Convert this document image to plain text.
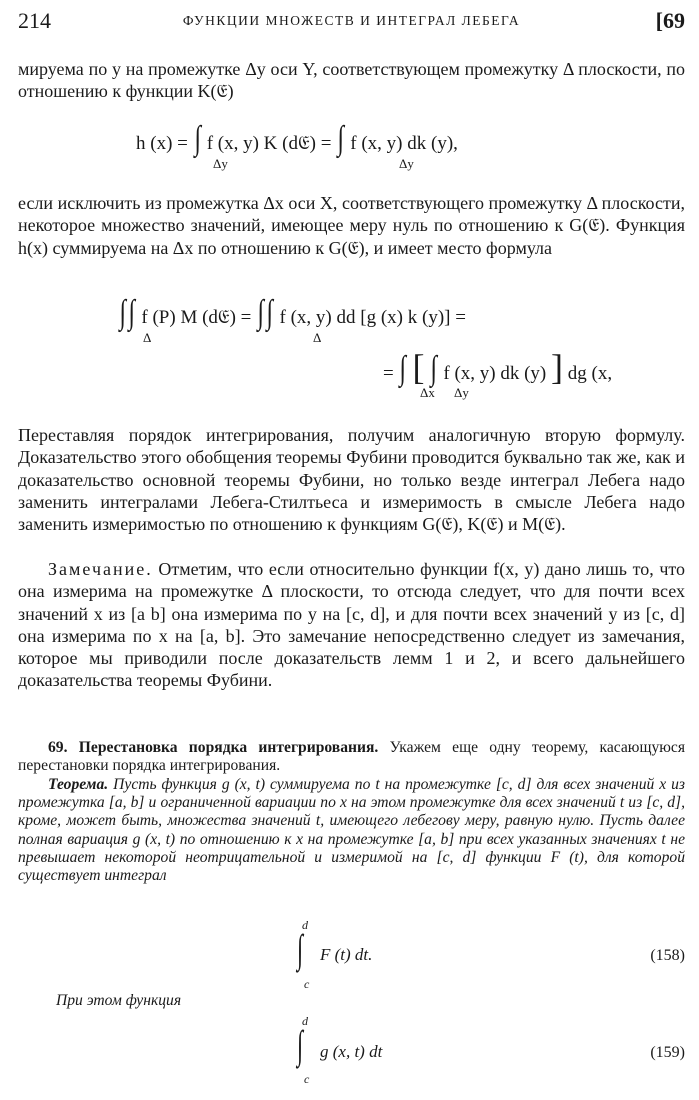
214	ФУНКЦИИ МНОЖЕСТВ И ИНТЕГРАЛ ЛЕБЕГА	[69
мируема по y на промежутке Δy оси Y, соответствующем промежутку Δ плоскости, по отношению к функции K(𝔈)
h (x) = ∫ f (x, y) K (d𝔈) = ∫ f (x, y) dk (y),
Δy	Δy
если исключить из промежутка Δx оси X, соответствующего промежутку Δ плоскости, некоторое множество значений, имеющее меру нуль по отношению к G(𝔈). Функция h(x) суммируема на Δx по отношению к G(𝔈), и имеет место формула
∫∫ f (P) M (d𝔈) = ∫∫ f (x, y) dd [g (x) k (y)] =
Δ	Δ
= ∫ [ ∫ f (x, y) dk (y) ] dg (x,
Δx Δy
Переставляя порядок интегрирования, получим аналогичную вторую формулу. Доказательство этого обобщения теоремы Фубини проводится буквально так же, как и доказательство основной теоремы Фубини, но только везде интеграл Лебега надо заменить интегралами Лебега-Стилтьеса и измеримость в смысле Лебега надо заменить измеримостью по отношению к функциям G(𝔈), K(𝔈) и M(𝔈).
Замечание. Отметим, что если относительно функции f(x, y) дано лишь то, что она измерима на промежутке Δ плоскости, то отсюда следует, что для почти всех значений x из [a b] она измерима по y на [c, d], и для почти всех значений y из [c, d] она измерима по x на [a, b]. Это замечание непосредственно следует из замечания, которое мы приводили после доказательств лемм 1 и 2, и всего дальнейшего доказательства теоремы Фубини.
69. Перестановка порядка интегрирования. Укажем еще одну теорему, касающуюся перестановки порядка интегрирования.
Теорема. Пусть функция g (x, t) суммируема по t на промежутке [c, d] для всех значений x из промежутка [a, b] и ограниченной вариации по x на этом промежутке для всех значений t из [c, d], кроме, может быть, множества значений t, имеющего лебегову меру, равную нулю. Пусть далее полная вариация g (x, t) по отношению к x на промежутке [a, b] при всех указанных значениях t не превышает некоторой неотрицательной и измеримой на [c, d] функции F (t), для которой существует интеграл
d
∫
c
F (t) dt.	(158)
При этом функция
d
∫
c
g (x, t) dt	(159)
